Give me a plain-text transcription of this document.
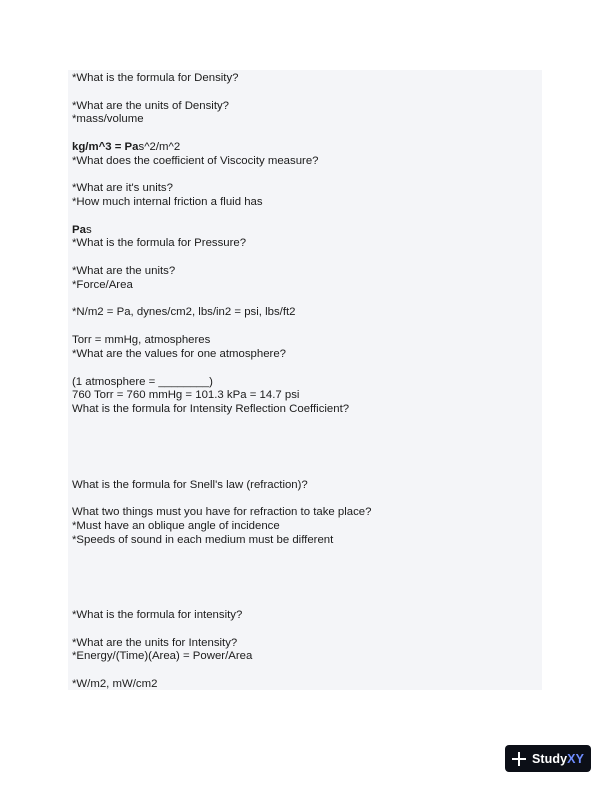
*What is the formula for Density?
*What are the units of Density?
*mass/volume
kg/m^3 = Pas^2/m^2
*What does the coefficient of Viscocity measure?
*What are it's units?
*How much internal friction a fluid has
Pas
*What is the formula for Pressure?
*What are the units?
*Force/Area
*N/m2 = Pa, dynes/cm2, lbs/in2 = psi, lbs/ft2
Torr = mmHg, atmospheres
*What are the values for one atmosphere?
(1 atmosphere = ________)
760 Torr = 760 mmHg = 101.3 kPa = 14.7 psi
What is the formula for Intensity Reflection Coefficient?
What is the formula for Snell's law (refraction)?
What two things must you have for refraction to take place?
*Must have an oblique angle of incidence
*Speeds of sound in each medium must be different
*What is the formula for intensity?
*What are the units for Intensity?
*Energy/(Time)(Area) = Power/Area
*W/m2, mW/cm2
StudyXY
